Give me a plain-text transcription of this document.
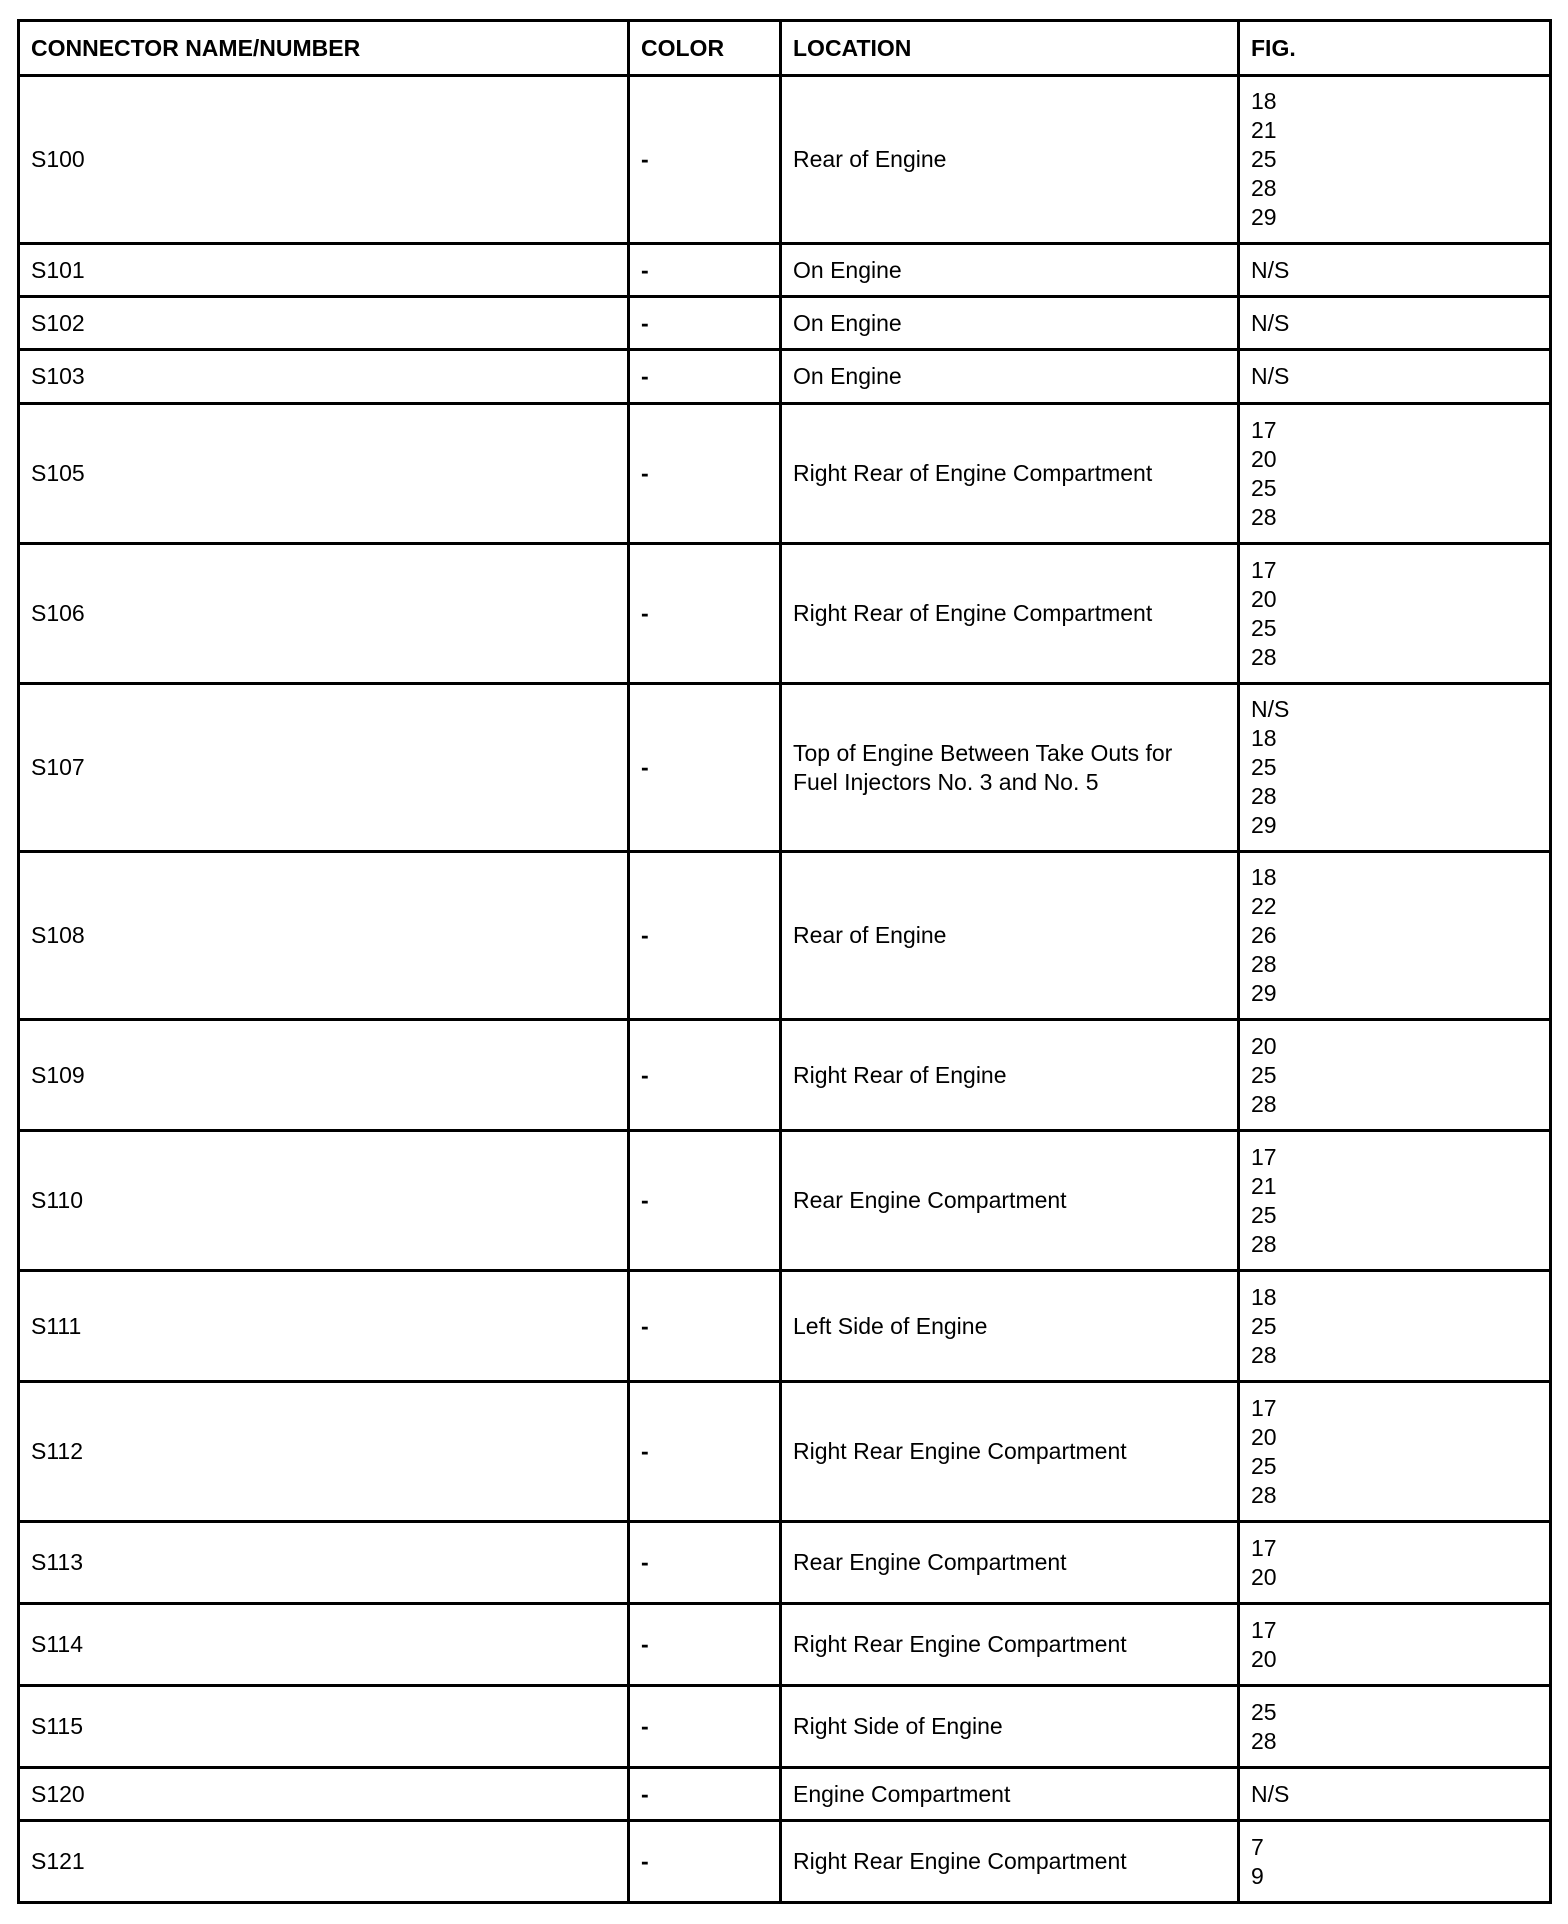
CONNECTOR NAME/NUMBER	COLOR	LOCATION	FIG.
S100	-	Rear of Engine	18
21
25
28
29

S101	-	On Engine	N/S

S102	-	On Engine	N/S

S103	-	On Engine	N/S

S105	-	Right Rear of Engine Compartment	17
20
25
28

S106	-	Right Rear of Engine Compartment	17
20
25
28

S107	-	Top of Engine Between Take Outs for
Fuel Injectors No. 3 and No. 5	N/S
18
25
28
29

S108	-	Rear of Engine	18
22
26
28
29

S109	-	Right Rear of Engine	20
25
28

S110	-	Rear Engine Compartment	17
21
25
28

S111	-	Left Side of Engine	18
25
28

S112	-	Right Rear Engine Compartment	17
20
25
28

S113	-	Rear Engine Compartment	17
20

S114	-	Right Rear Engine Compartment	17
20

S115	-	Right Side of Engine	25
28

S120	-	Engine Compartment	N/S

S121	-	Right Rear Engine Compartment	7
9
